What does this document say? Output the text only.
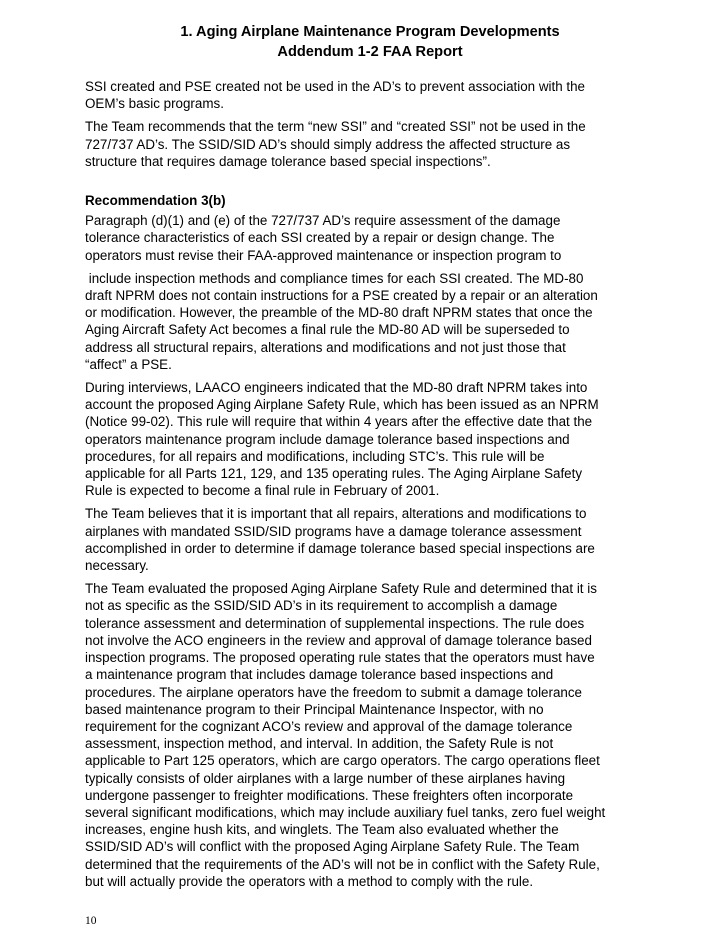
1. Aging Airplane Maintenance Program Developments
Addendum 1-2 FAA Report
SSI created and PSE created not be used in the AD’s to prevent association with the
OEM’s basic programs.
The Team recommends that the term “new SSI” and “created SSI” not be used in the
727/737 AD’s. The SSID/SID AD’s should simply address the affected structure as
structure that requires damage tolerance based special inspections”.
Recommendation 3(b)
Paragraph (d)(1) and (e) of the 727/737 AD’s require assessment of the damage
tolerance characteristics of each SSI created by a repair or design change. The
operators must revise their FAA-approved maintenance or inspection program to
include inspection methods and compliance times for each SSI created. The MD-80
draft NPRM does not contain instructions for a PSE created by a repair or an alteration
or modification. However, the preamble of the MD-80 draft NPRM states that once the
Aging Aircraft Safety Act becomes a final rule the MD-80 AD will be superseded to
address all structural repairs, alterations and modifications and not just those that
“affect” a PSE.
During interviews, LAACO engineers indicated that the MD-80 draft NPRM takes into
account the proposed Aging Airplane Safety Rule, which has been issued as an NPRM
(Notice 99-02). This rule will require that within 4 years after the effective date that the
operators maintenance program include damage tolerance based inspections and
procedures, for all repairs and modifications, including STC’s. This rule will be
applicable for all Parts 121, 129, and 135 operating rules. The Aging Airplane Safety
Rule is expected to become a final rule in February of 2001.
The Team believes that it is important that all repairs, alterations and modifications to
airplanes with mandated SSID/SID programs have a damage tolerance assessment
accomplished in order to determine if damage tolerance based special inspections are
necessary.
The Team evaluated the proposed Aging Airplane Safety Rule and determined that it is
not as specific as the SSID/SID AD’s in its requirement to accomplish a damage
tolerance assessment and determination of supplemental inspections. The rule does
not involve the ACO engineers in the review and approval of damage tolerance based
inspection programs. The proposed operating rule states that the operators must have
a maintenance program that includes damage tolerance based inspections and
procedures. The airplane operators have the freedom to submit a damage tolerance
based maintenance program to their Principal Maintenance Inspector, with no
requirement for the cognizant ACO’s review and approval of the damage tolerance
assessment, inspection method, and interval. In addition, the Safety Rule is not
applicable to Part 125 operators, which are cargo operators. The cargo operations fleet
typically consists of older airplanes with a large number of these airplanes having
undergone passenger to freighter modifications. These freighters often incorporate
several significant modifications, which may include auxiliary fuel tanks, zero fuel weight
increases, engine hush kits, and winglets. The Team also evaluated whether the
SSID/SID AD’s will conflict with the proposed Aging Airplane Safety Rule. The Team
determined that the requirements of the AD’s will not be in conflict with the Safety Rule,
but will actually provide the operators with a method to comply with the rule.
10
